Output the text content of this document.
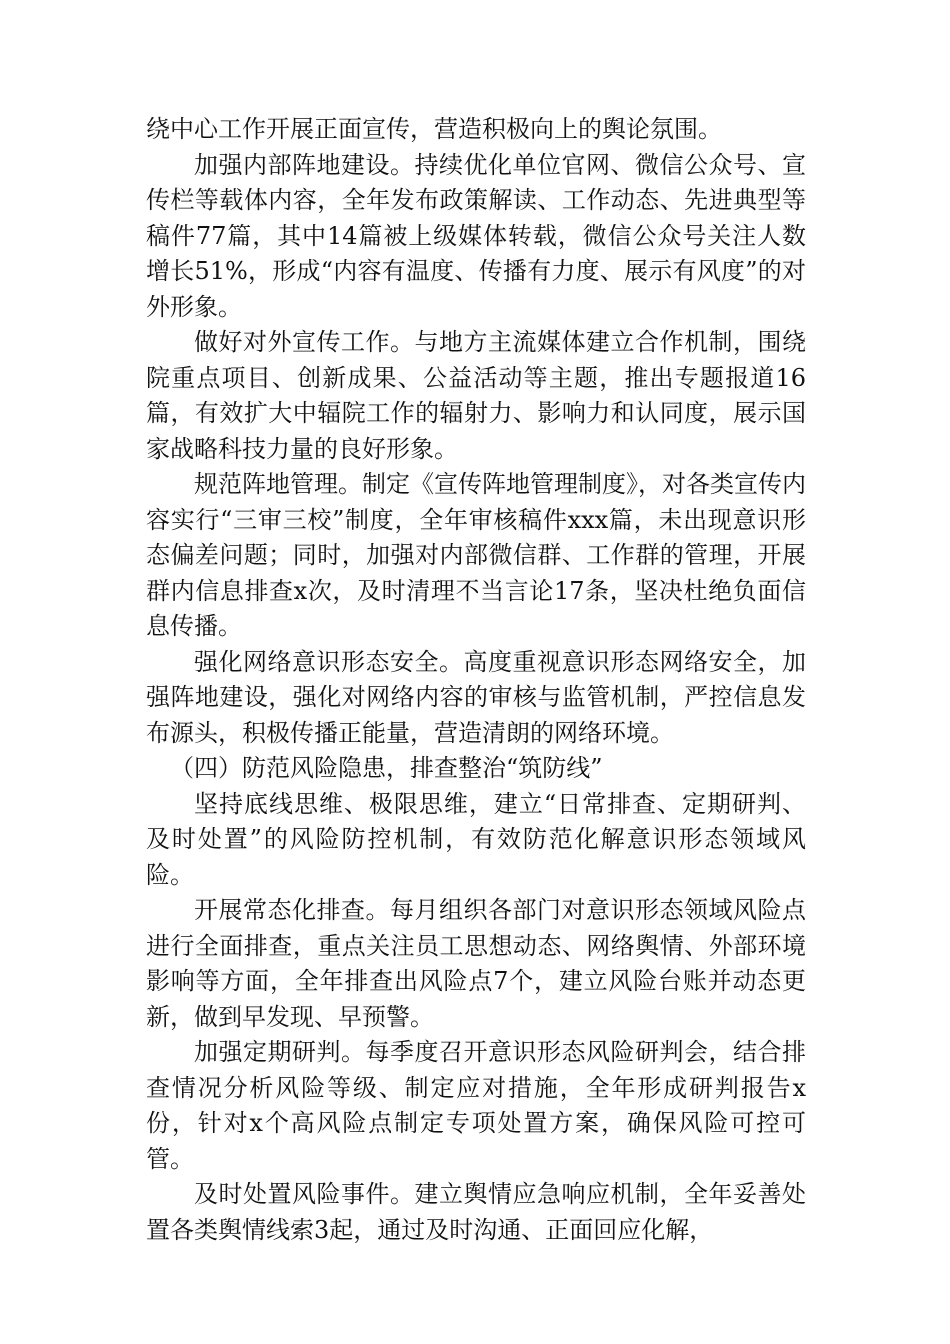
绕中心工作开展正面宣传，营造积极向上的舆论氛围。

加强内部阵地建设。持续优化单位官网、微信公众号、宣传栏等载体内容，全年发布政策解读、工作动态、先进典型等稿件77篇，其中14篇被上级媒体转载，微信公众号关注人数增长51%，形成“内容有温度、传播有力度、展示有风度”的对外形象。

做好对外宣传工作。与地方主流媒体建立合作机制，围绕院重点项目、创新成果、公益活动等主题，推出专题报道16篇，有效扩大中辐院工作的辐射力、影响力和认同度，展示国家战略科技力量的良好形象。

规范阵地管理。制定《宣传阵地管理制度》，对各类宣传内容实行“三审三校”制度，全年审核稿件xxx篇，未出现意识形态偏差问题；同时，加强对内部微信群、工作群的管理，开展群内信息排查x次，及时清理不当言论17条，坚决杜绝负面信息传播。

强化网络意识形态安全。高度重视意识形态网络安全，加强阵地建设，强化对网络内容的审核与监管机制，严控信息发布源头，积极传播正能量，营造清朗的网络环境。

（四）防范风险隐患，排查整治“筑防线”

坚持底线思维、极限思维，建立“日常排查、定期研判、及时处置”的风险防控机制，有效防范化解意识形态领域风险。

开展常态化排查。每月组织各部门对意识形态领域风险点进行全面排查，重点关注员工思想动态、网络舆情、外部环境影响等方面，全年排查出风险点7个，建立风险台账并动态更新，做到早发现、早预警。

加强定期研判。每季度召开意识形态风险研判会，结合排查情况分析风险等级、制定应对措施，全年形成研判报告x份，针对x个高风险点制定专项处置方案，确保风险可控可管。

及时处置风险事件。建立舆情应急响应机制，全年妥善处置各类舆情线索3起，通过及时沟通、正面回应化解，
